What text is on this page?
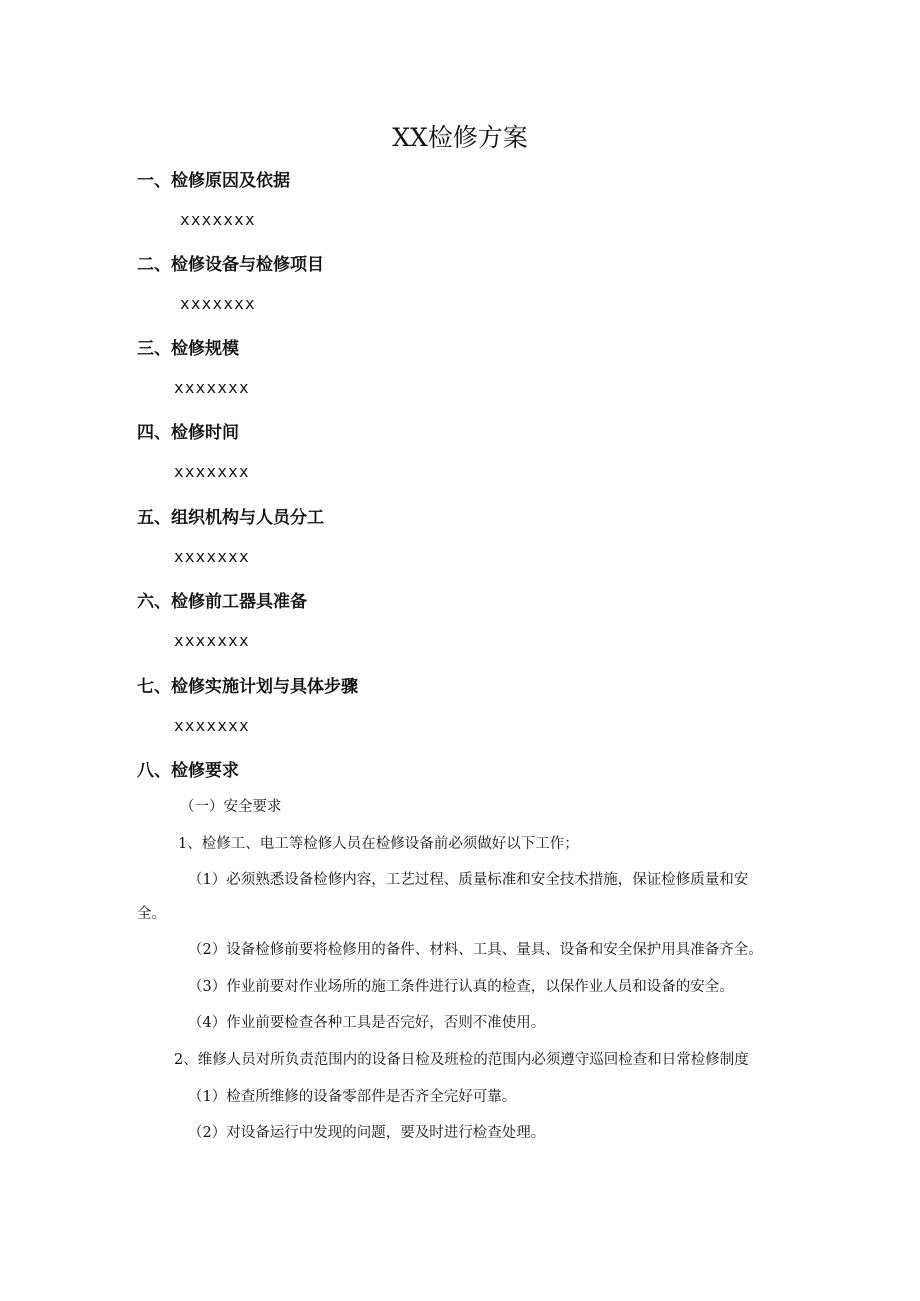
XX检修方案
一、检修原因及依据
xxxxxxx
二、检修设备与检修项目
xxxxxxx
三、检修规模
xxxxxxx
四、检修时间
xxxxxxx
五、组织机构与人员分工
xxxxxxx
六、检修前工器具准备
xxxxxxx
七、检修实施计划与具体步骤
xxxxxxx
八、检修要求
（一）安全要求
1、检修工、电工等检修人员在检修设备前必须做好以下工作；
（1）必须熟悉设备检修内容，工艺过程、质量标准和安全技术措施，保证检修质量和安
全。
（2）设备检修前要将检修用的备件、材料、工具、量具、设备和安全保护用具准备齐全。
（3）作业前要对作业场所的施工条件进行认真的检查，以保作业人员和设备的安全。
（4）作业前要检查各种工具是否完好，否则不准使用。
2、维修人员对所负责范围内的设备日检及班检的范围内必须遵守巡回检查和日常检修制度
（1）检查所维修的设备零部件是否齐全完好可靠。
（2）对设备运行中发现的问题，要及时进行检查处理。
